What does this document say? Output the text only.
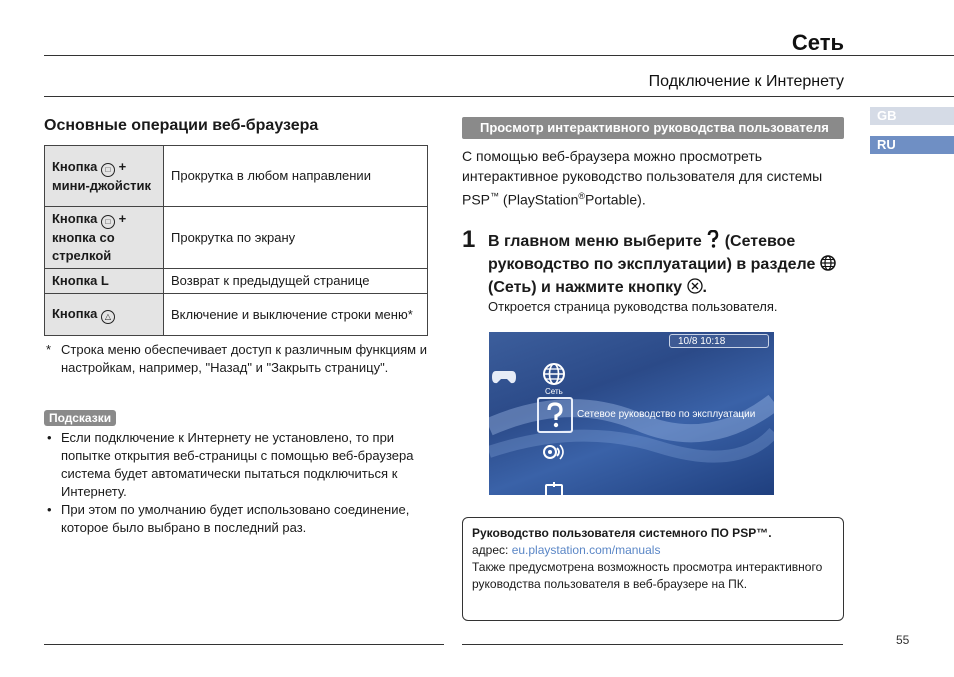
Сеть
Подключение к Интернету
GB
RU
Основные операции веб-браузера
Кнопка □ + мини-джойстик	Прокрутка в любом направлении
Кнопка □ + кнопка со стрелкой	Прокрутка по экрану
Кнопка L	Возврат к предыдущей странице
Кнопка △	Включение и выключение строки меню*
* Строка меню обеспечивает доступ к различным функциям и настройкам, например, "Назад" и "Закрыть страницу".
Подсказки
• Если подключение к Интернету не установлено, то при попытке открытия веб-страницы с помощью веб-браузера система будет автоматически пытаться подключиться к Интернету.
• При этом по умолчанию будет использовано соединение, которое было выбрано в последний раз.
Просмотр интерактивного руководства пользователя
С помощью веб-браузера можно просмотреть интерактивное руководство пользователя для системы PSP™ (PlayStation®Portable).
1 В главном меню выберите  (Сетевое руководство по эксплуатации) в разделе  (Сеть) и нажмите кнопку .
Откроется страница руководства пользователя.
10/8 10:18
Сеть
Сетевое руководство по эксплуатации
Руководство пользователя системного ПО PSP™.
адрес: eu.playstation.com/manuals
Также предусмотрена возможность просмотра интерактивного руководства пользователя в веб-браузере на ПК.
55
